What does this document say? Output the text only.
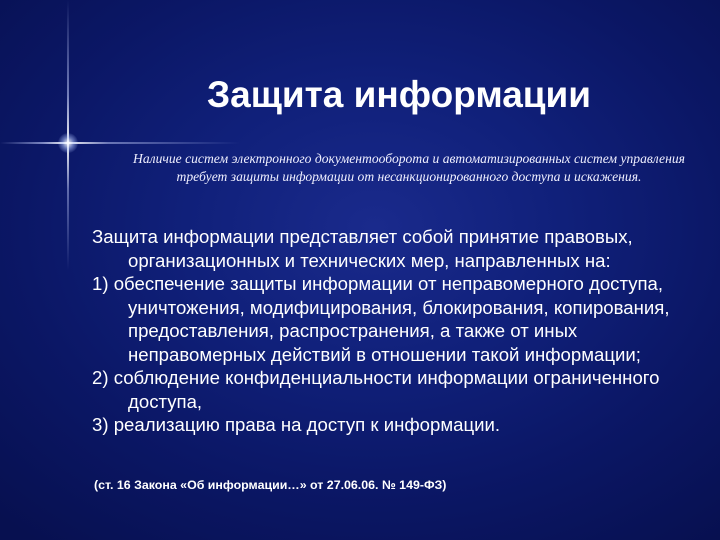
Защита информации

Наличие систем электронного документооборота и автоматизированных систем управления требует защиты информации от несанкционированного доступа и искажения.

Защита информации представляет собой принятие правовых, организационных и технических мер, направленных на:

1) обеспечение защиты информации от неправомерного доступа, уничтожения, модифицирования, блокирования, копирования, предоставления, распространения, а также от иных неправомерных действий в отношении такой информации;

2) соблюдение конфиденциальности информации ограниченного доступа,

3) реализацию права на доступ к информации.

(ст. 16 Закона «Об информации…» от 27.06.06. № 149-ФЗ)
